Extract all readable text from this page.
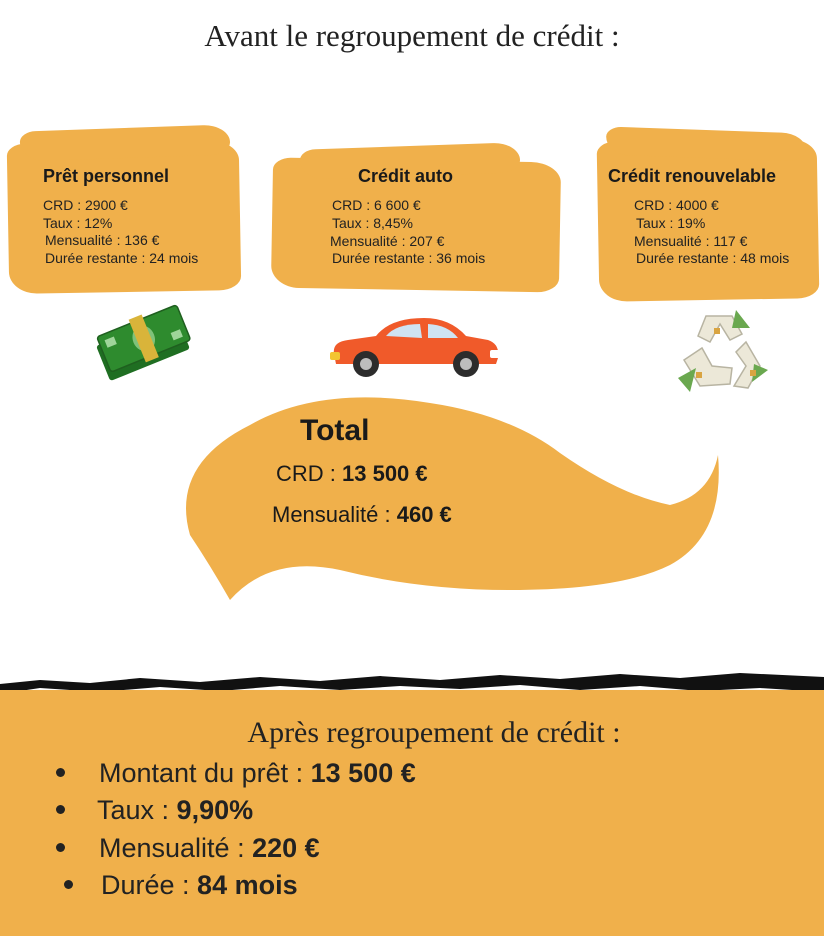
Avant le regroupement de crédit :
Prêt personnel
CRD : 2900 €
Taux : 12%
Mensualité : 136 €
Durée restante : 24 mois
Crédit auto
CRD : 6 600 €
Taux : 8,45%
Mensualité : 207 €
Durée restante : 36 mois
Crédit renouvelable
CRD : 4000 €
Taux : 19%
Mensualité : 117 €
Durée restante : 48 mois
Total
CRD : 13 500 €
Mensualité : 460 €
Après regroupement de crédit :
Montant du prêt : 13 500 €
Taux : 9,90%
Mensualité : 220 €
Durée : 84 mois
